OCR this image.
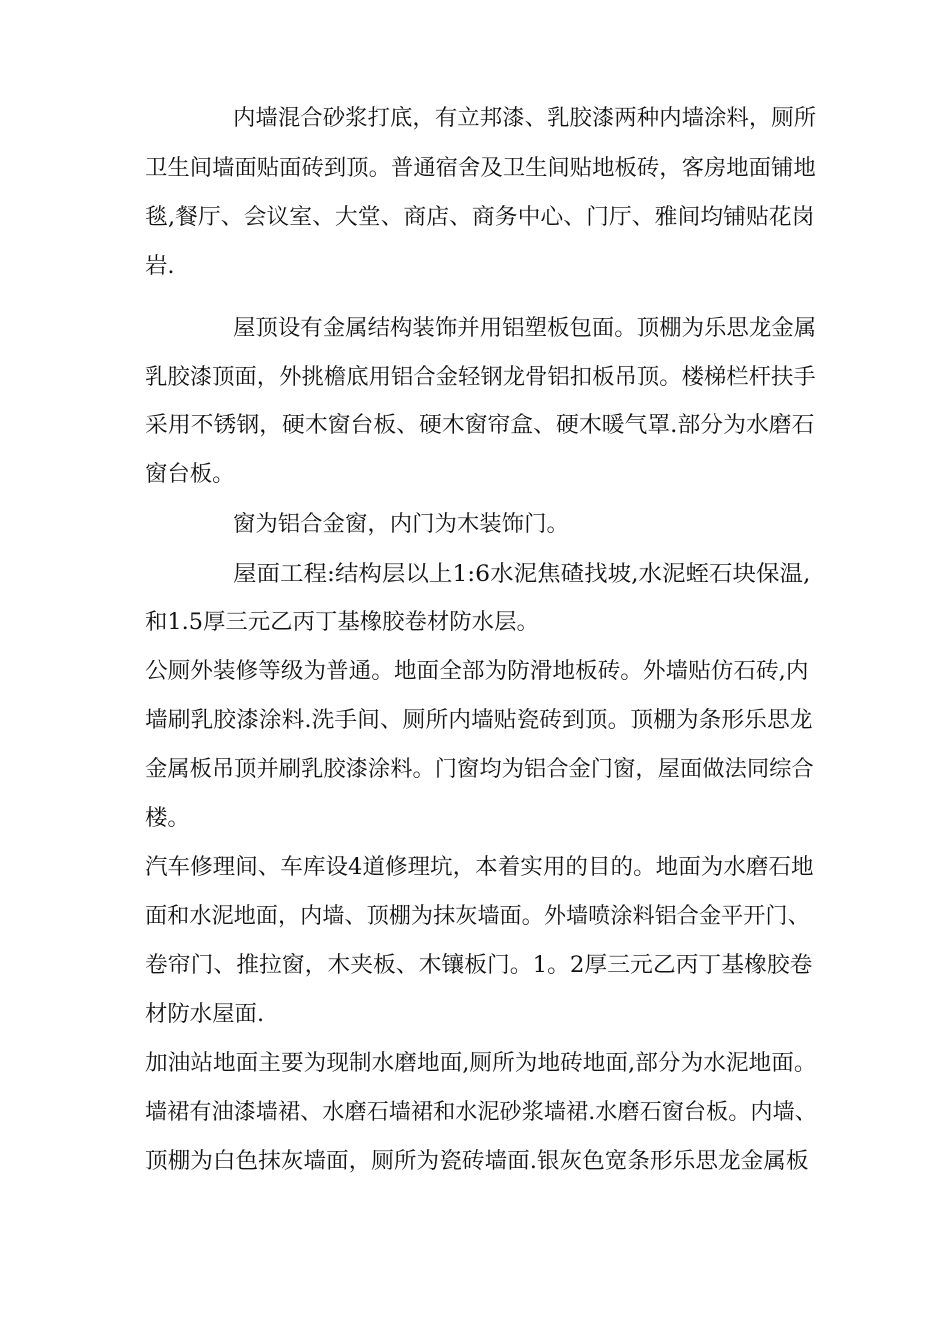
内墙混合砂浆打底，有立邦漆、乳胶漆两种内墙涂料，厕所
卫生间墙面贴面砖到顶。普通宿舍及卫生间贴地板砖，客房地面铺地
毯,餐厅、会议室、大堂、商店、商务中心、门厅、雅间均铺贴花岗
岩.
屋顶设有金属结构装饰并用铝塑板包面。顶棚为乐思龙金属
乳胶漆顶面，外挑檐底用铝合金轻钢龙骨铝扣板吊顶。楼梯栏杆扶手
采用不锈钢，硬木窗台板、硬木窗帘盒、硬木暖气罩.部分为水磨石
窗台板。
窗为铝合金窗，内门为木装饰门。
屋面工程:结构层以上1:6水泥焦碴找坡,水泥蛭石块保温,
和1.5厚三元乙丙丁基橡胶卷材防水层。
公厕外装修等级为普通。地面全部为防滑地板砖。外墙贴仿石砖,内
墙刷乳胶漆涂料.洗手间、厕所内墙贴瓷砖到顶。顶棚为条形乐思龙
金属板吊顶并刷乳胶漆涂料。门窗均为铝合金门窗，屋面做法同综合
楼。
汽车修理间、车库设4道修理坑，本着实用的目的。地面为水磨石地
面和水泥地面，内墙、顶棚为抹灰墙面。外墙喷涂料铝合金平开门、
卷帘门、推拉窗，木夹板、木镶板门。1。2厚三元乙丙丁基橡胶卷
材防水屋面.
加油站地面主要为现制水磨地面,厕所为地砖地面,部分为水泥地面。
墙裙有油漆墙裙、水磨石墙裙和水泥砂浆墙裙.水磨石窗台板。内墙、
顶棚为白色抹灰墙面，厕所为瓷砖墙面.银灰色宽条形乐思龙金属板
